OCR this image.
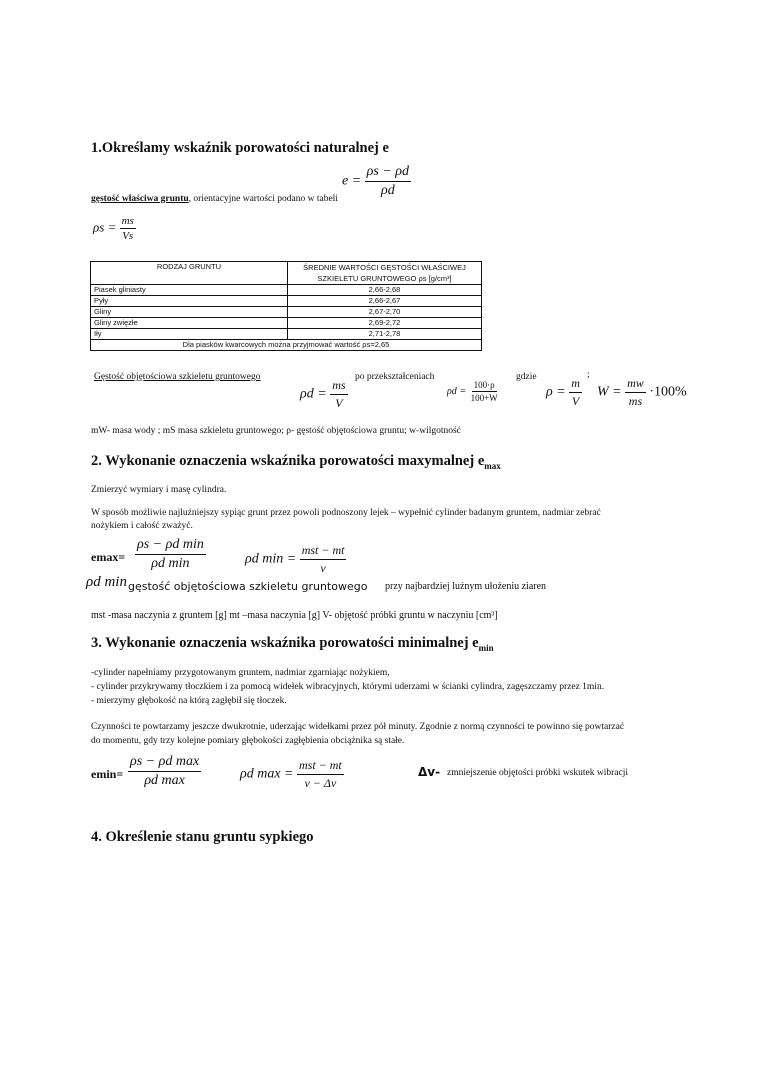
1.Określamy wskaźnik porowatości naturalnej e
$e = \frac{\rho s - \rho d}{\rho d}$
gęstość właściwa gruntu, orientacyjne wartości podano w tabeli
$\rho s = \frac{ms}{Vs}$
RODZAJ GRUNTU	ŚREDNIE WARTOŚCI GĘSTOŚCI WŁAŚCIWEJ
SZKIELETU GRUNTOWEGO ρs [g/cm³]

Piasek gliniasty	2,66-2,68
Pyły	2,66-2,67
Gliny	2,67-2,70
Gliny zwięzłe	2,69-2,72
Iły	2,71-2,78
Dla piasków kwarcowych można przyjmować wartość ρs=2,65	
Gęstość objętościowa szkieletu gruntowego	po przekształceniach	gdzie	;
$\rho d = \frac{ms}{V}$	$\rho d = \frac{100\cdot\rho}{100+W}$	$\rho = \frac{m}{V}$ $W = \frac{mw}{ms} \cdot 100\%$
mW- masa wody ; mS masa szkieletu gruntowego; ρ- gęstość objętościowa gruntu; w-wilgotność
2. Wykonanie oznaczenia wskaźnika porowatości maxymalnej $e_{max}$
Zmierzyć wymiary i masę cylindra.
W sposób możliwie najluźniejszy sypiąc grunt przez powoli podnoszony lejek – wypełnić cylinder badanym gruntem, nadmiar zebrać
nożykiem i całość zważyć.
$emax= \frac{\text{ρs − ρd min}}{\text{ρd min}}$	ρd $\min = \frac{\text{mst − mt}}{v}$
ρd min gęstość objętościowa szkieletu gruntowego przy najbardziej luźnym ułożeniu ziaren
mst -masa naczynia z gruntem [g] mt –masa naczynia [g] V- objętość próbki gruntu w naczyniu [cm³]
3. Wykonanie oznaczenia wskaźnika porowatości minimalnej $e_{min}$
-cylinder napełniamy przygotowanym gruntem, nadmiar zgarniając nożykiem,
- cylinder przykrywamy tłoczkiem i za pomocą widełek wibracyjnych, którymi uderzami w ścianki cylindra, zagęszczamy przez 1min.
- mierzymy głębokość na którą zagłębił się tłoczek.
Czynności te powtarzamy jeszcze dwukrotnie, uderzając widełkami przez pół minuty. Zgodnie z normą czynności te powinno się powtarzać
do momentu, gdy trzy kolejne pomiary głębokości zagłębienia obciążnika są stałe.
$emin= \frac{\text{ρs − ρd max}}{\text{ρd max}}$	ρd $\max = \frac{\text{mst − mt}}{v - \Delta v}$	Δv- zmniejszenie objętości próbki wskutek wibracji
4. Określenie stanu gruntu sypkiego
